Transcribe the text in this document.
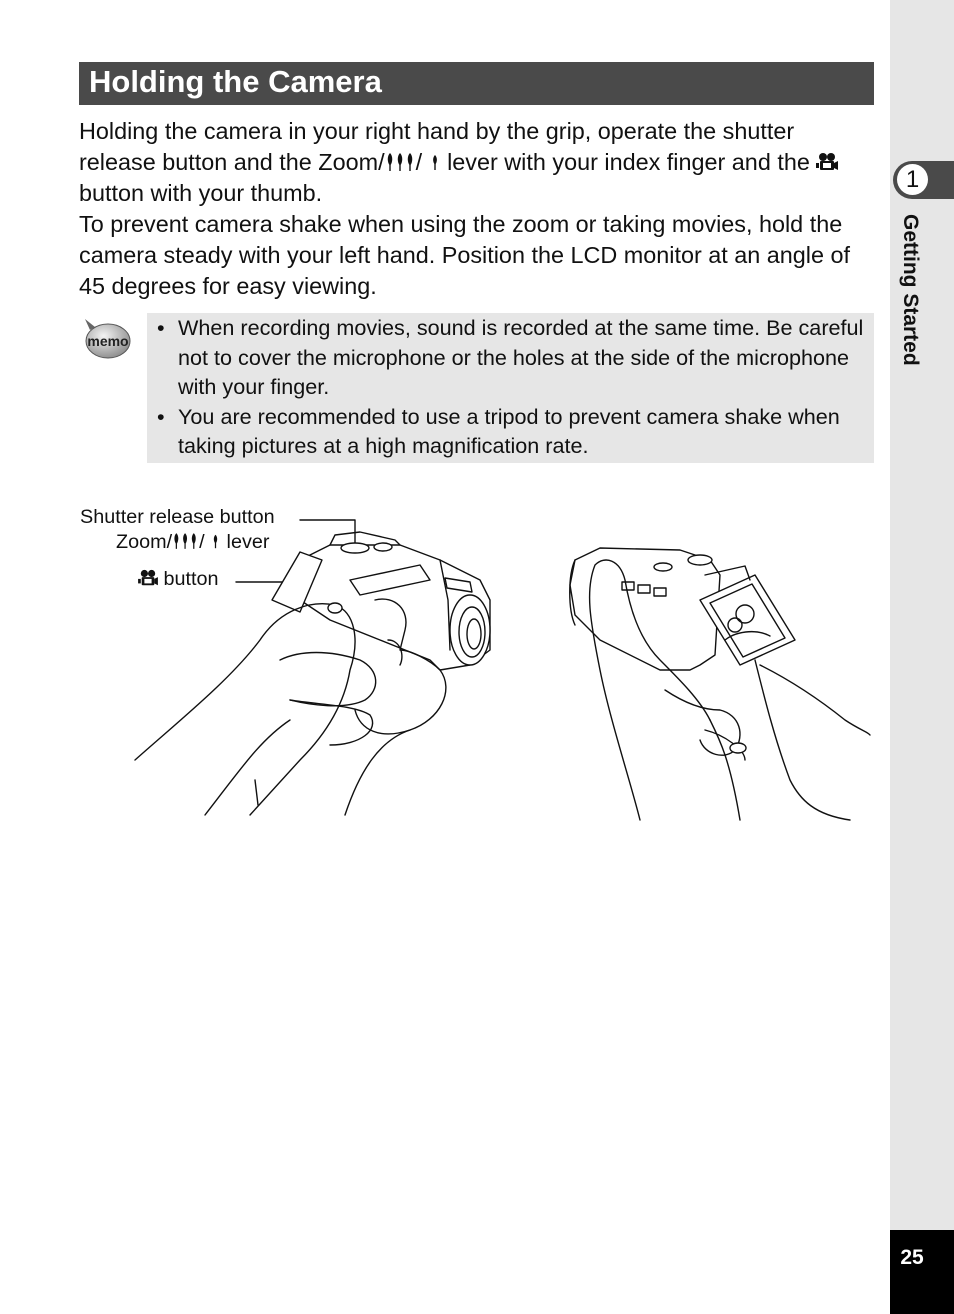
Holding the Camera

Holding the camera in your right hand by the grip, operate the shutter release button and the Zoom/ /  lever with your index finger and the  button with your thumb.

To prevent camera shake when using the zoom or taking movies, hold the camera steady with your left hand. Position the LCD monitor at an angle of 45 degrees for easy viewing.

memo
• When recording movies, sound is recorded at the same time. Be careful not to cover the microphone or the holes at the side of the microphone with your finger.
• You are recommended to use a tripod to prevent camera shake when taking pictures at a high magnification rate.
Shutter release button
Zoom/ /  lever
button
1
Getting Started
25
